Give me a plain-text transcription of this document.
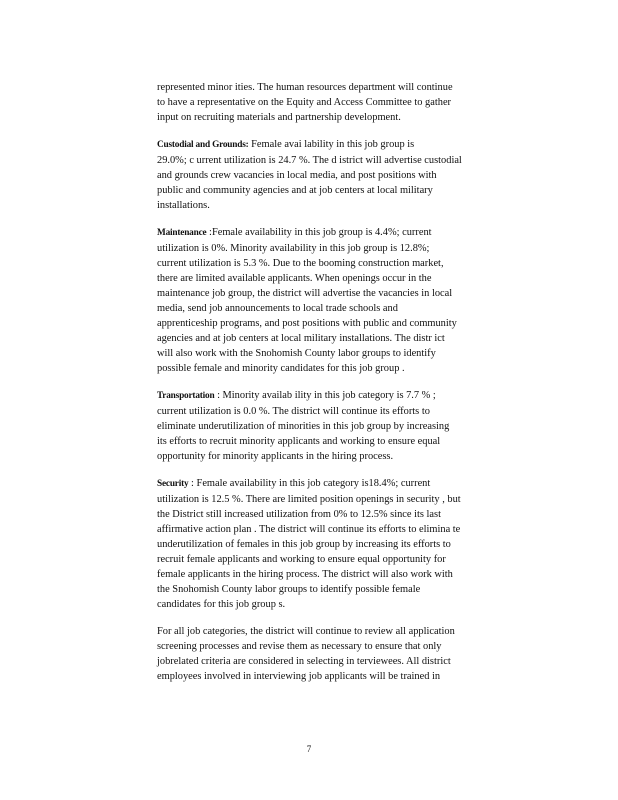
represented minor ities. The human resources department will continue
to have a representative on the Equity and Access Committee to gather
input on recruiting materials and partnership development.
Custodial and Grounds: Female avai lability in this job group is
29.0%; c urrent utilization is 24.7 %. The d istrict will advertise custodial
and grounds crew vacancies in local media, and post positions with
public and community agencies and at job centers at local military
installations.
Maintenance :Female availability in this job group is 4.4%; current
utilization is 0%. Minority availability in this job group is 12.8%;
current utilization is 5.3 %. Due to the booming construction market,
there are limited available applicants. When openings occur in the
maintenance job group, the district will advertise the vacancies in local
media, send job announcements to local trade schools and
apprenticeship programs, and post positions with public and community
agencies and at job centers at local military installations. The distr ict
will also work with the Snohomish County labor groups to identify
possible female and minority candidates for this job group .
Transportation : Minority availab ility in this job category is 7.7 % ;
current utilization is 0.0 %. The district will continue its efforts to
eliminate underutilization of minorities in this job group by increasing
its efforts to recruit minority applicants and working to ensure equal
opportunity for minority applicants in the hiring process.
Security : Female availability in this job category is18.4%; current
utilization is 12.5 %. There are limited position openings in security , but
the District still increased utilization from 0% to 12.5% since its last
affirmative action plan . The district will continue its efforts to elimina te
underutilization of females in this job group by increasing its efforts to
recruit female applicants and working to ensure equal opportunity for
female applicants in the hiring process. The district will also work with
the Snohomish County labor groups to identify possible female
candidates for this job group s.
For all job categories, the district will continue to review all application
screening processes and revise them as necessary to ensure that only
jobrelated criteria are considered in selecting in terviewees. All district
employees involved in interviewing job applicants will be trained in
7
